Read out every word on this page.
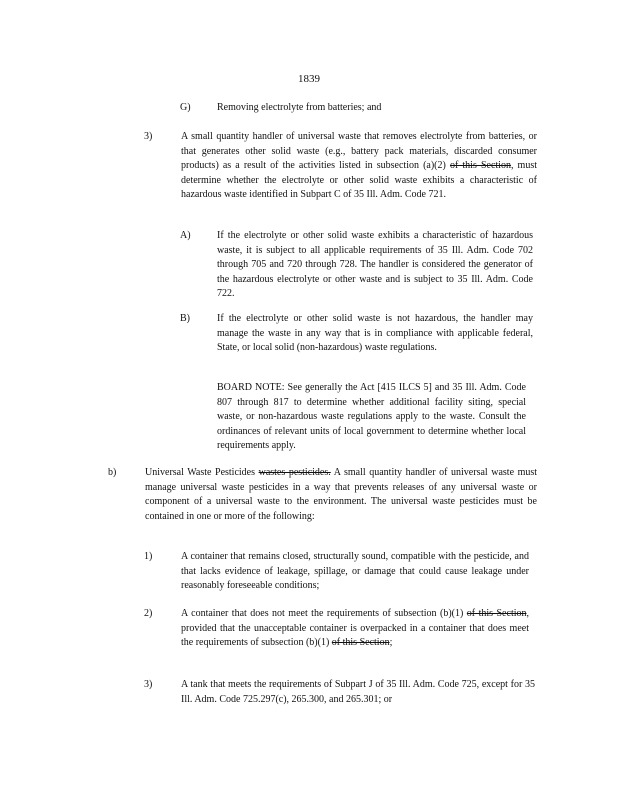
1839
G)	Removing electrolyte from batteries; and
3)	A small quantity handler of universal waste that removes electrolyte from batteries, or that generates other solid waste (e.g., battery pack materials, discarded consumer products) as a result of the activities listed in subsection (a)(2) of this Section, must determine whether the electrolyte or other solid waste exhibits a characteristic of hazardous waste identified in Subpart C of 35 Ill. Adm. Code 721.
A)	If the electrolyte or other solid waste exhibits a characteristic of hazardous waste, it is subject to all applicable requirements of 35 Ill. Adm. Code 702 through 705 and 720 through 728. The handler is considered the generator of the hazardous electrolyte or other waste and is subject to 35 Ill. Adm. Code 722.
B)	If the electrolyte or other solid waste is not hazardous, the handler may manage the waste in any way that is in compliance with applicable federal, State, or local solid (non-hazardous) waste regulations.
BOARD NOTE: See generally the Act [415 ILCS 5] and 35 Ill. Adm. Code 807 through 817 to determine whether additional facility siting, special waste, or non-hazardous waste regulations apply to the waste. Consult the ordinances of relevant units of local government to determine whether local requirements apply.
b)	Universal Waste Pesticides wastes pesticides. A small quantity handler of universal waste must manage universal waste pesticides in a way that prevents releases of any universal waste or component of a universal waste to the environment. The universal waste pesticides must be contained in one or more of the following:
1)	A container that remains closed, structurally sound, compatible with the pesticide, and that lacks evidence of leakage, spillage, or damage that could cause leakage under reasonably foreseeable conditions;
2)	A container that does not meet the requirements of subsection (b)(1) of this Section, provided that the unacceptable container is overpacked in a container that does meet the requirements of subsection (b)(1) of this Section;
3)	A tank that meets the requirements of Subpart J of 35 Ill. Adm. Code 725, except for 35 Ill. Adm. Code 725.297(c), 265.300, and 265.301; or
